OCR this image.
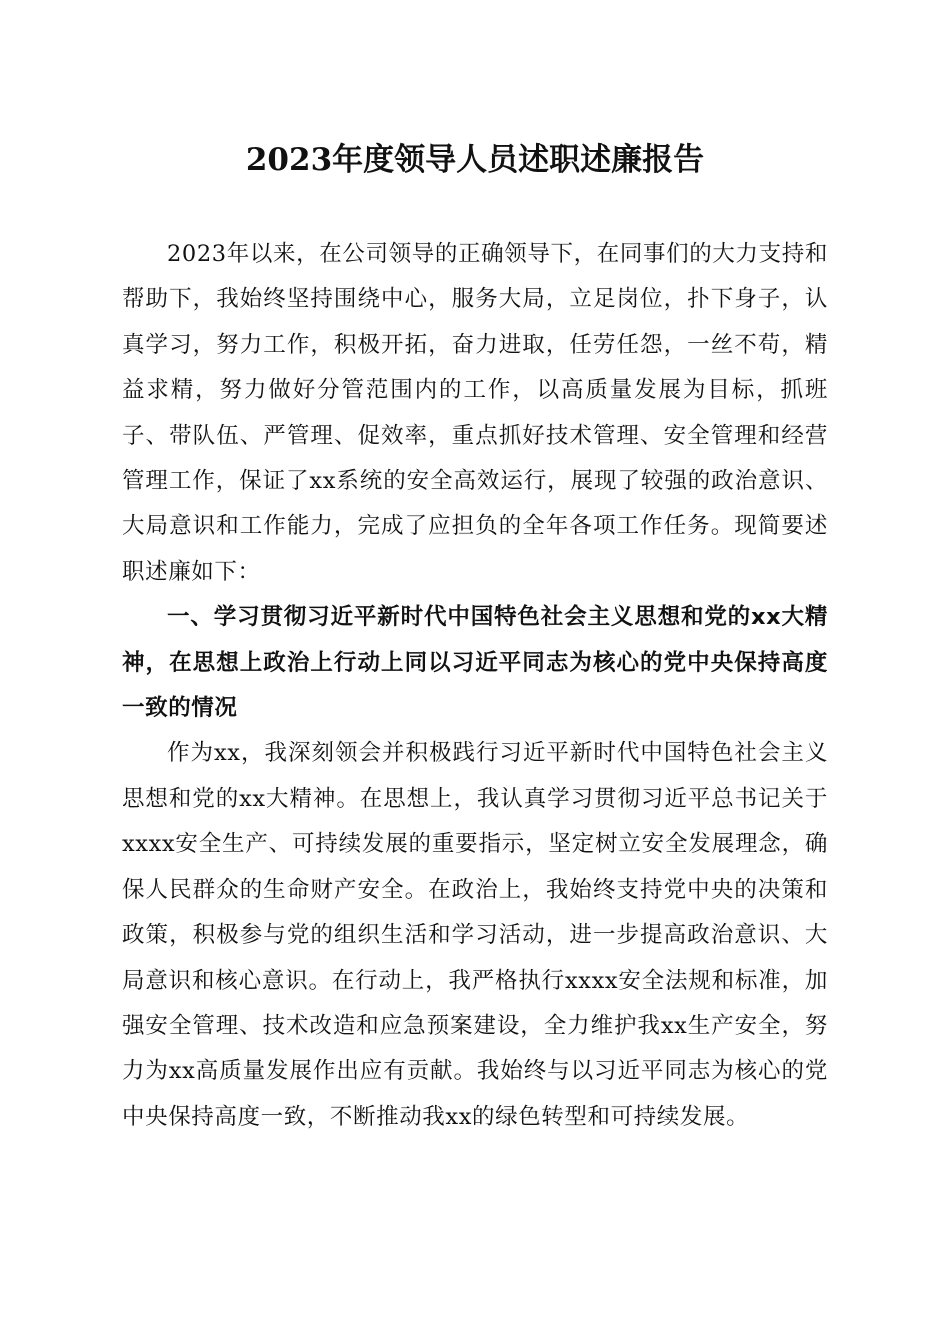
2023年度领导人员述职述廉报告

2023年以来，在公司领导的正确领导下，在同事们的大力支持和帮助下，我始终坚持围绕中心，服务大局，立足岗位，扑下身子，认真学习，努力工作，积极开拓，奋力进取，任劳任怨，一丝不苟，精益求精，努力做好分管范围内的工作，以高质量发展为目标，抓班子、带队伍、严管理、促效率，重点抓好技术管理、安全管理和经营管理工作，保证了xx系统的安全高效运行，展现了较强的政治意识、大局意识和工作能力，完成了应担负的全年各项工作任务。现简要述职述廉如下：

一、学习贯彻习近平新时代中国特色社会主义思想和党的xx大精神，在思想上政治上行动上同以习近平同志为核心的党中央保持高度一致的情况

作为xx，我深刻领会并积极践行习近平新时代中国特色社会主义思想和党的xx大精神。在思想上，我认真学习贯彻习近平总书记关于xxxx安全生产、可持续发展的重要指示，坚定树立安全发展理念，确保人民群众的生命财产安全。在政治上，我始终支持党中央的决策和政策，积极参与党的组织生活和学习活动，进一步提高政治意识、大局意识和核心意识。在行动上，我严格执行xxxx安全法规和标准，加强安全管理、技术改造和应急预案建设，全力维护我xx生产安全，努力为xx高质量发展作出应有贡献。我始终与以习近平同志为核心的党中央保持高度一致，不断推动我xx的绿色转型和可持续发展。
